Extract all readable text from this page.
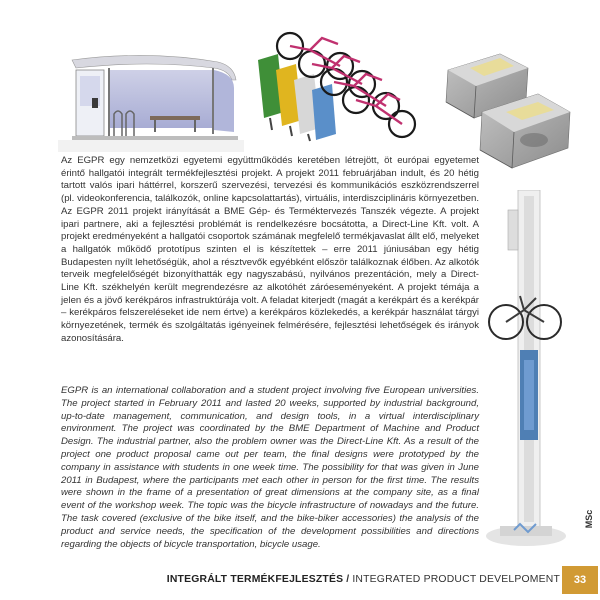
Az EGPR egy nemzetközi egyetemi együttműködés keretében létrejött, öt európai egyetemet érintő hallgatói integrált termékfejlesztési projekt. A projekt 2011 februárjában indult, és 20 hétig tartott valós ipari háttérrel, korszerű szervezési, tervezési és kommunikációs eszközrendszerrel (pl. videokonferencia, találkozók, online kapcsolattartás), virtuális, interdiszciplináris környezetben. Az EGPR 2011 projekt irányítását a BME Gép- és Terméktervezés Tanszék végezte. A projekt ipari partnere, aki a fejlesztési problémát is rendelkezésre bocsátotta, a Direct-Line Kft. volt. A projekt eredményeként a hallgatói csoportok számának megfelelő termékjavaslat állt elő, melyeket a hallgatók működő prototípus szinten el is készítettek – erre 2011 júniusában egy hétig Budapesten nyílt lehetőségük, ahol a résztvevők egyébként először találkoznak élőben. Az alkotók terveik megfelelőségét bizonyíthatták egy nagyszabású, nyilvános prezentáción, mely a Direct-Line Kft. székhelyén került megrendezésre az alkotóhét záróeseményeként. A projekt témája a jelen és a jövő kerékpáros infrastruktúrája volt. A feladat kiterjedt (magát a kerékpárt és a kerékpár – kerékpáros felszereléseket ide nem értve) a kerékpáros közlekedés, a kerékpár használat tárgyi környezetének, termék és szolgáltatás igényeinek felmérésére, fejlesztési lehetőségek és irányok azonosítására.
EGPR is an international collaboration and a student project involving five European universities. The project started in February 2011 and lasted 20 weeks, supported by industrial background, up-to-date management, communication, and design tools, in a virtual interdisciplinary environment. The project was coordinated by the BME Department of Machine and Product Design. The industrial partner, also the problem owner was the Direct-Line Kft. As a result of the project one product proposal came out per team, the final designs were prototyped by the company in assistance with students in one week time. The possibility for that was given in June 2011 in Budapest, where the participants met each other in person for the first time. The results were shown in the frame of a presentation of great dimensions at the company site, as a final event of the workshop week. The topic was the bicycle infrastructure of nowadays and the future. The task covered (exclusive of the bike itself, and the bike-biker accessories) the analysis of the product and service needs, the specification of the development possibilities and directions regarding the objects of bicycle transportation, bicycle usage.
MSc
INTEGRÁLT TERMÉKFEJLESZTÉS / INTEGRATED PRODUCT DEVELPOMENT	33
